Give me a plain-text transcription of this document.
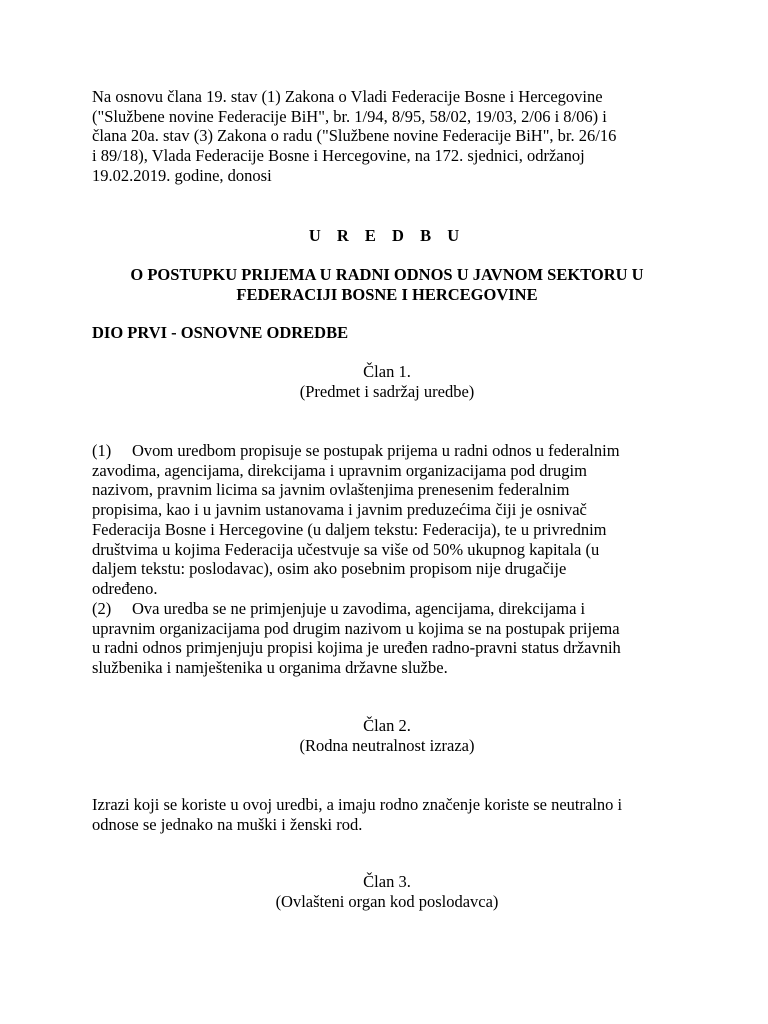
Na osnovu člana 19. stav (1) Zakona o Vladi Federacije Bosne i Hercegovine
("Službene novine Federacije BiH", br. 1/94, 8/95, 58/02, 19/03, 2/06 i 8/06) i
člana 20a. stav (3) Zakona o radu ("Službene novine Federacije BiH", br. 26/16
i 89/18), Vlada Federacije Bosne i Hercegovine, na 172. sjednici, održanoj
19.02.2019. godine, donosi
U R E D B U
O POSTUPKU PRIJEMA U RADNI ODNOS U JAVNOM SEKTORU U
FEDERACIJI BOSNE I HERCEGOVINE
DIO PRVI - OSNOVNE ODREDBE
Član 1.
(Predmet i sadržaj uredbe)
(1) Ovom uredbom propisuje se postupak prijema u radni odnos u federalnim
zavodima, agencijama, direkcijama i upravnim organizacijama pod drugim
nazivom, pravnim licima sa javnim ovlaštenjima prenesenim federalnim
propisima, kao i u javnim ustanovama i javnim preduzećima čiji je osnivač
Federacija Bosne i Hercegovine (u daljem tekstu: Federacija), te u privrednim
društvima u kojima Federacija učestvuje sa više od 50% ukupnog kapitala (u
daljem tekstu: poslodavac), osim ako posebnim propisom nije drugačije
određeno.
(2) Ova uredba se ne primjenjuje u zavodima, agencijama, direkcijama i
upravnim organizacijama pod drugim nazivom u kojima se na postupak prijema
u radni odnos primjenjuju propisi kojima je uređen radno-pravni status državnih
službenika i namještenika u organima državne službe.
Član 2.
(Rodna neutralnost izraza)
Izrazi koji se koriste u ovoj uredbi, a imaju rodno značenje koriste se neutralno i
odnose se jednako na muški i ženski rod.
Član 3.
(Ovlašteni organ kod poslodavca)
